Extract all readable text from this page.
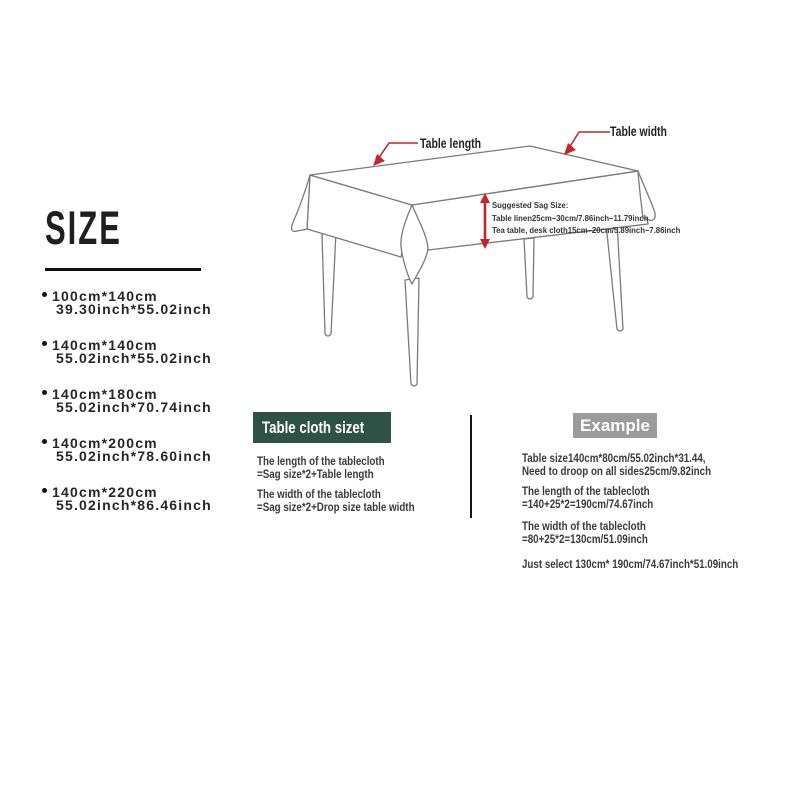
SIZE
100cm*140cm
39.30inch*55.02inch
140cm*140cm
55.02inch*55.02inch
140cm*180cm
55.02inch*70.74inch
140cm*200cm
55.02inch*78.60inch
140cm*220cm
55.02inch*86.46inch
Table length
Table width
Suggested Sag Size:
Table linen25cm–30cm/7.86inch–11.79inch
Tea table, desk cloth15cm–20cm/5.89inch–7.86inch
Table cloth sizet
The length of the tablecloth
=Sag size*2+Table length
The width of the tablecloth
=Sag size*2+Drop size table width
Example
Table size140cm*80cm/55.02inch*31.44,
Need to droop on all sides25cm/9.82inch
The length of the tablecloth
=140+25*2=190cm/74.67inch
The width of the tablecloth
=80+25*2=130cm/51.09inch
Just select 130cm* 190cm/74.67inch*51.09inch
